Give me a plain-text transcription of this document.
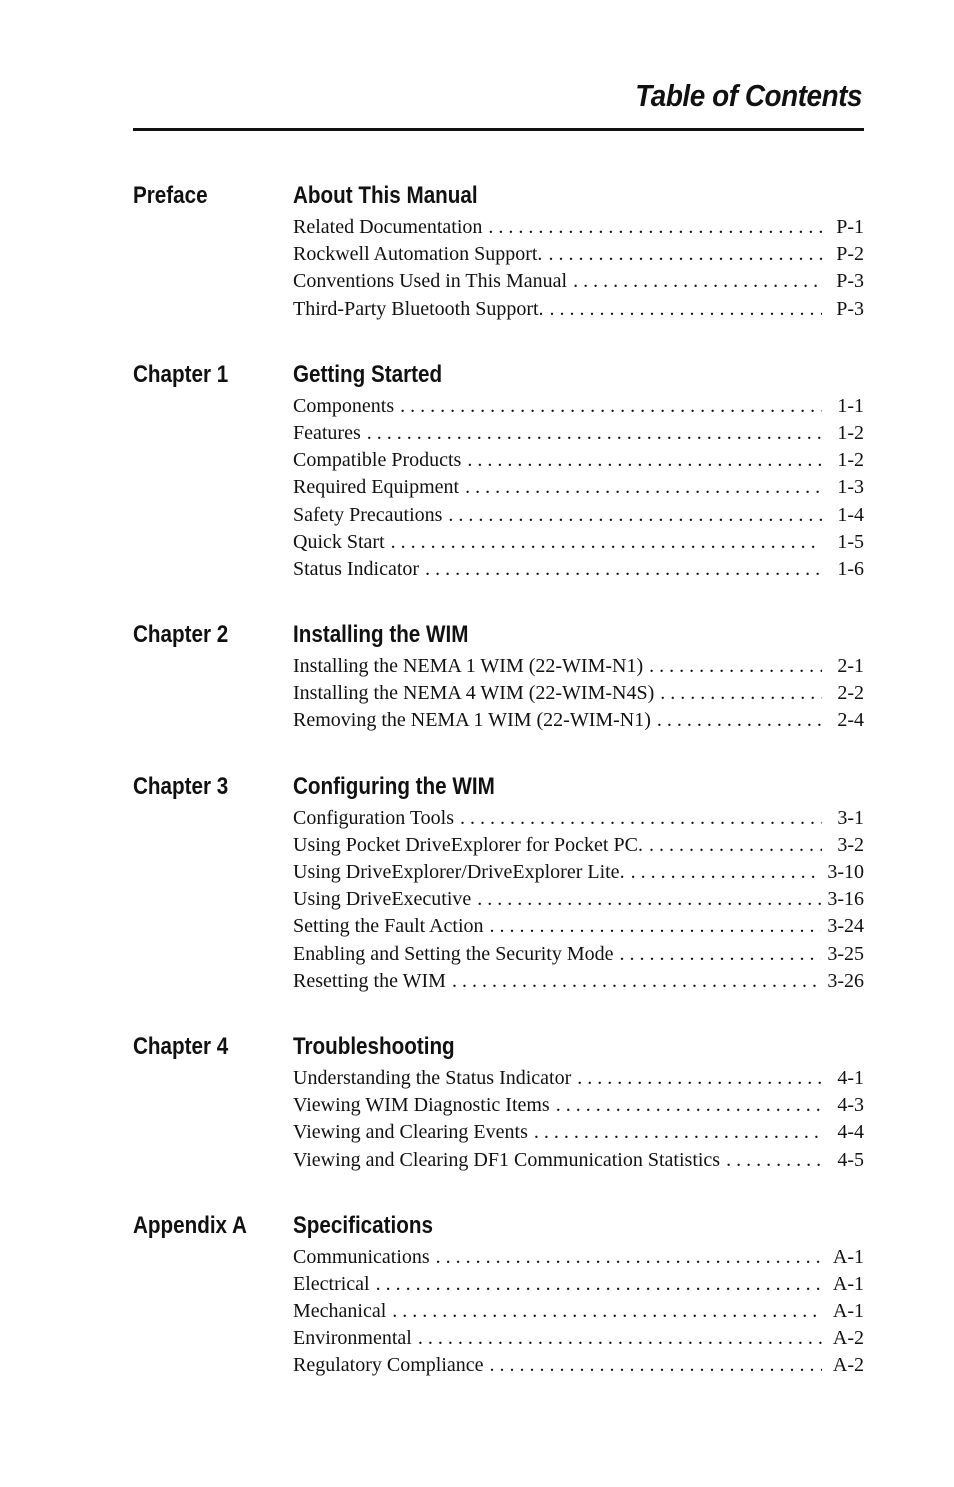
Table of Contents
Preface	About This Manual
Related Documentation . . .	P-1
Rockwell Automation Support. . . .	P-2
Conventions Used in This Manual . . .	P-3
Third-Party Bluetooth Support. . . .	P-3
Chapter 1	Getting Started
Components . . .	1-1
Features . . .	1-2
Compatible Products . . .	1-2
Required Equipment . . .	1-3
Safety Precautions . . .	1-4
Quick Start . . .	1-5
Status Indicator . . .	1-6
Chapter 2	Installing the WIM
Installing the NEMA 1 WIM (22-WIM-N1) . . .	2-1
Installing the NEMA 4 WIM (22-WIM-N4S) . . .	2-2
Removing the NEMA 1 WIM (22-WIM-N1) . . .	2-4
Chapter 3	Configuring the WIM
Configuration Tools . . .	3-1
Using Pocket DriveExplorer for Pocket PC. . . .	3-2
Using DriveExplorer/DriveExplorer Lite. . . .	3-10
Using DriveExecutive . . .	3-16
Setting the Fault Action . . .	3-24
Enabling and Setting the Security Mode . . .	3-25
Resetting the WIM . . .	3-26
Chapter 4	Troubleshooting
Understanding the Status Indicator . . .	4-1
Viewing WIM Diagnostic Items . . .	4-3
Viewing and Clearing Events . . .	4-4
Viewing and Clearing DF1 Communication Statistics . . .	4-5
Appendix A Specifications
Communications . . .	A-1
Electrical . . .	A-1
Mechanical . . .	A-1
Environmental . . .	A-2
Regulatory Compliance . . .	A-2
